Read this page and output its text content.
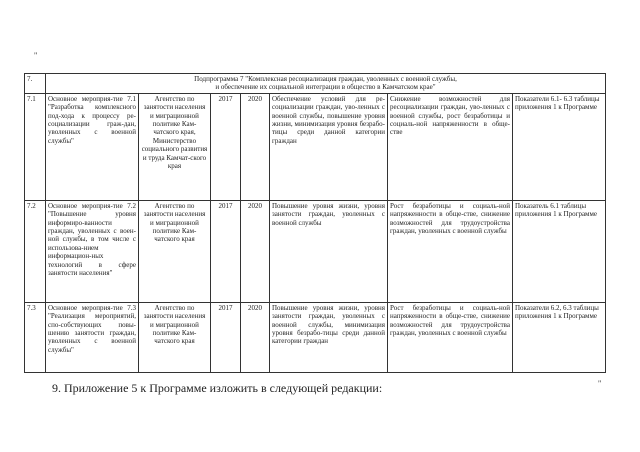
"
7.	Подпрограмма 7 "Комплексная ресоциализация граждан, уволенных с военной службы,
и обеспечение их социальной интеграции в общество в Камчатском крае"						

7.1	Основное мероприя-тие 7.1 "Разработка комплексного под-хода к процессу ре-социализации граж-дан, уволенных с военной службы"	Агентство по занятости населения и миграционной политике Кам-чатского края, Министерство социального развития и труда Камчат-ского края	2017	2020	Обеспечение условий для ре-социализации граждан, уво-ленных с военной службы, повышение уровня жизни, минимизация уровня безрабо-тицы среди данной категории граждан	Снижение возможностей для ресоциализации граждан, уво-ленных с военной службы, рост безработицы и социаль-ной напряженности в обще-стве	Показатели 6.1- 6.3 таблицы приложения 1 к Программе
7.2	Основное мероприя-тие 7.2 "Повышение уровня информиро-ванности граждан, уволенных с воен-ной службы, в том числе с использова-нием информацион-ных технологий в сфере занятости населения"	Агентство по занятости населения и миграционной политике Кам-чатского края	2017	2020	Повышение уровня жизни, уровня занятости граждан, уволенных с военной службы	Рост безработицы и социаль-ной напряженности в обще-стве, снижение возможностей для трудоустройства граждан, уволенных с военной службы	Показатель 6.1 таблицы приложения 1 к Программе
7.3	Основное мероприя-тие 7.3 "Реализация мероприятий, спо-собствующих повы-шению занятости граждан, уволенных с военной службы"	Агентство по занятости населения и миграционной политике Кам-чатского края	2017	2020	Повышение уровня жизни, уровня занятости граждан, уволенных с военной службы, минимизация уровня безрабо-тицы среди данной категории граждан	Рост безработицы и социаль-ной напряженности в обще-стве, снижение возможностей для трудоустройства граждан, уволенных с военной службы	Показатели 6.2, 6.3 таблицы приложения 1 к Программе
"
9. Приложение 5 к Программе изложить в следующей редакции:
